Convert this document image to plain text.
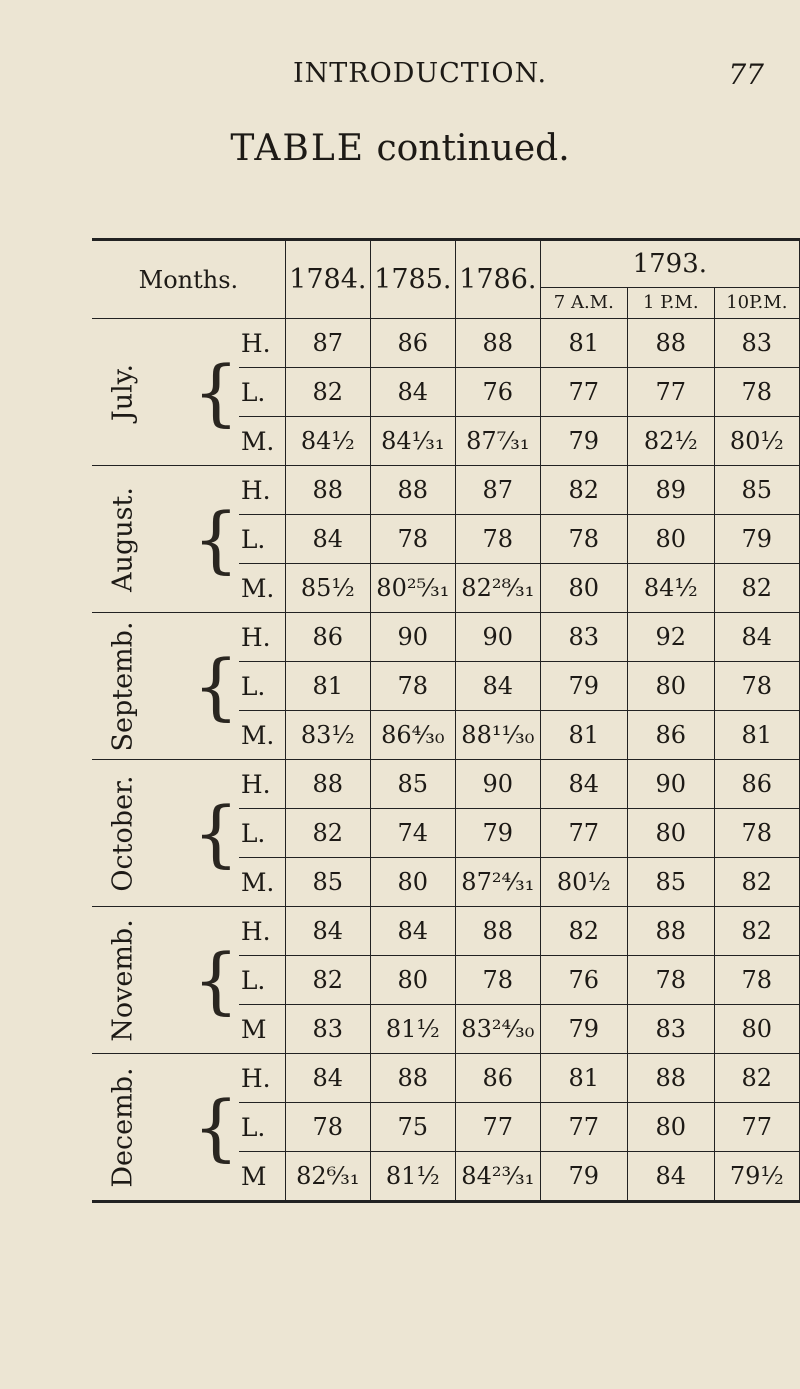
INTRODUCTION.	77
TABLE continued.
Months.			1784.	1785.	1786.	1793.		
						7 A.M.	1 P.M.	10P.M.

July.	{	H.	87	86	88	81	88	83
		L.	82	84	76	77	77	78
		M.	84½	84¹⁄₃₁	87⁷⁄₃₁	79	82½	80½

August.	{	H.	88	88	87	82	89	85
		L.	84	78	78	78	80	79
		M.	85½	80²⁵⁄₃₁	82²⁸⁄₃₁	80	84½	82

Septemb.	{	H.	86	90	90	83	92	84
		L.	81	78	84	79	80	78
		M.	83½	86⁴⁄₃₀	88¹¹⁄₃₀	81	86	81

October.	{	H.	88	85	90	84	90	86
		L.	82	74	79	77	80	78
		M.	85	80	87²⁴⁄₃₁	80½	85	82

Novemb.	{	H.	84	84	88	82	88	82
		L.	82	80	78	76	78	78
		M	83	81½	83²⁴⁄₃₀	79	83	80

Decemb.	{	H.	84	88	86	81	88	82
		L.	78	75	77	77	80	77
		M	82⁶⁄₃₁	81½	84²³⁄₃₁	79	84	79½
